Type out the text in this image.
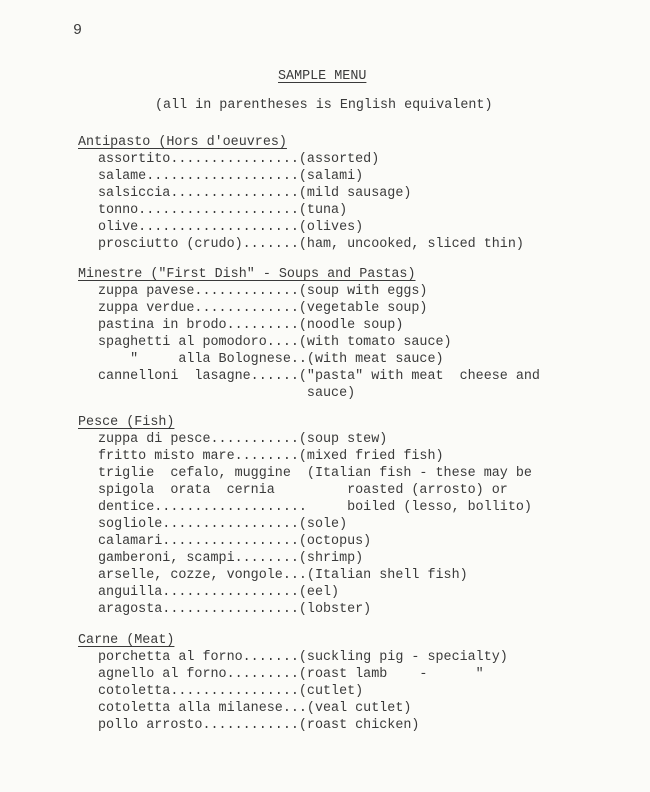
9
SAMPLE MENU
(all in parentheses is English equivalent)
Antipasto (Hors d'oeuvres)
assortito................(assorted)
salame...................(salami)
salsiccia................(mild sausage)
tonno....................(tuna)
olive....................(olives)
prosciutto (crudo).......(ham, uncooked, sliced thin)
Minestre ("First Dish" - Soups and Pastas)
zuppa pavese.............(soup with eggs)
zuppa verdue.............(vegetable soup)
pastina in brodo.........(noodle soup)
spaghetti al pomodoro....(with tomato sauce)
"     alla Bolognese..(with meat sauce)
cannelloni  lasagne......("pasta" with meat  cheese and
sauce)
Pesce (Fish)
zuppa di pesce...........(soup stew)
fritto misto mare........(mixed fried fish)
triglie  cefalo, muggine  (Italian fish - these may be
spigola  orata  cernia         roasted (arrosto) or
dentice...................     boiled (lesso, bollito)
sogliole.................(sole)
calamari.................(octopus)
gamberoni, scampi........(shrimp)
arselle, cozze, vongole...(Italian shell fish)
anguilla.................(eel)
aragosta.................(lobster)
Carne (Meat)
porchetta al forno.......(suckling pig - specialty)
agnello al forno.........(roast lamb    -      "
cotoletta................(cutlet)
cotoletta alla milanese...(veal cutlet)
pollo arrosto............(roast chicken)
